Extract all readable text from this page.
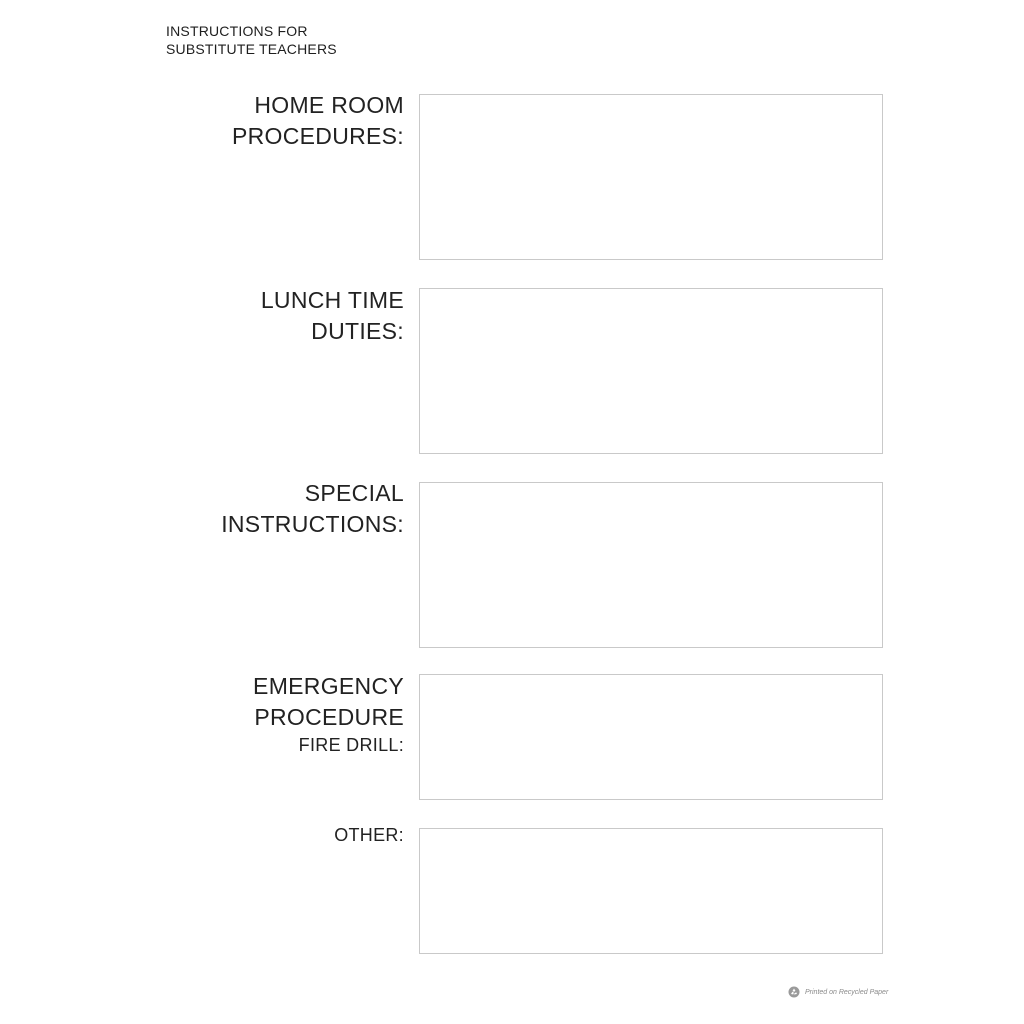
INSTRUCTIONS FOR
SUBSTITUTE TEACHERS
HOME ROOM
PROCEDURES:
LUNCH TIME
DUTIES:
SPECIAL
INSTRUCTIONS:
EMERGENCY
PROCEDURE
FIRE DRILL:
OTHER:
Printed on Recycled Paper
